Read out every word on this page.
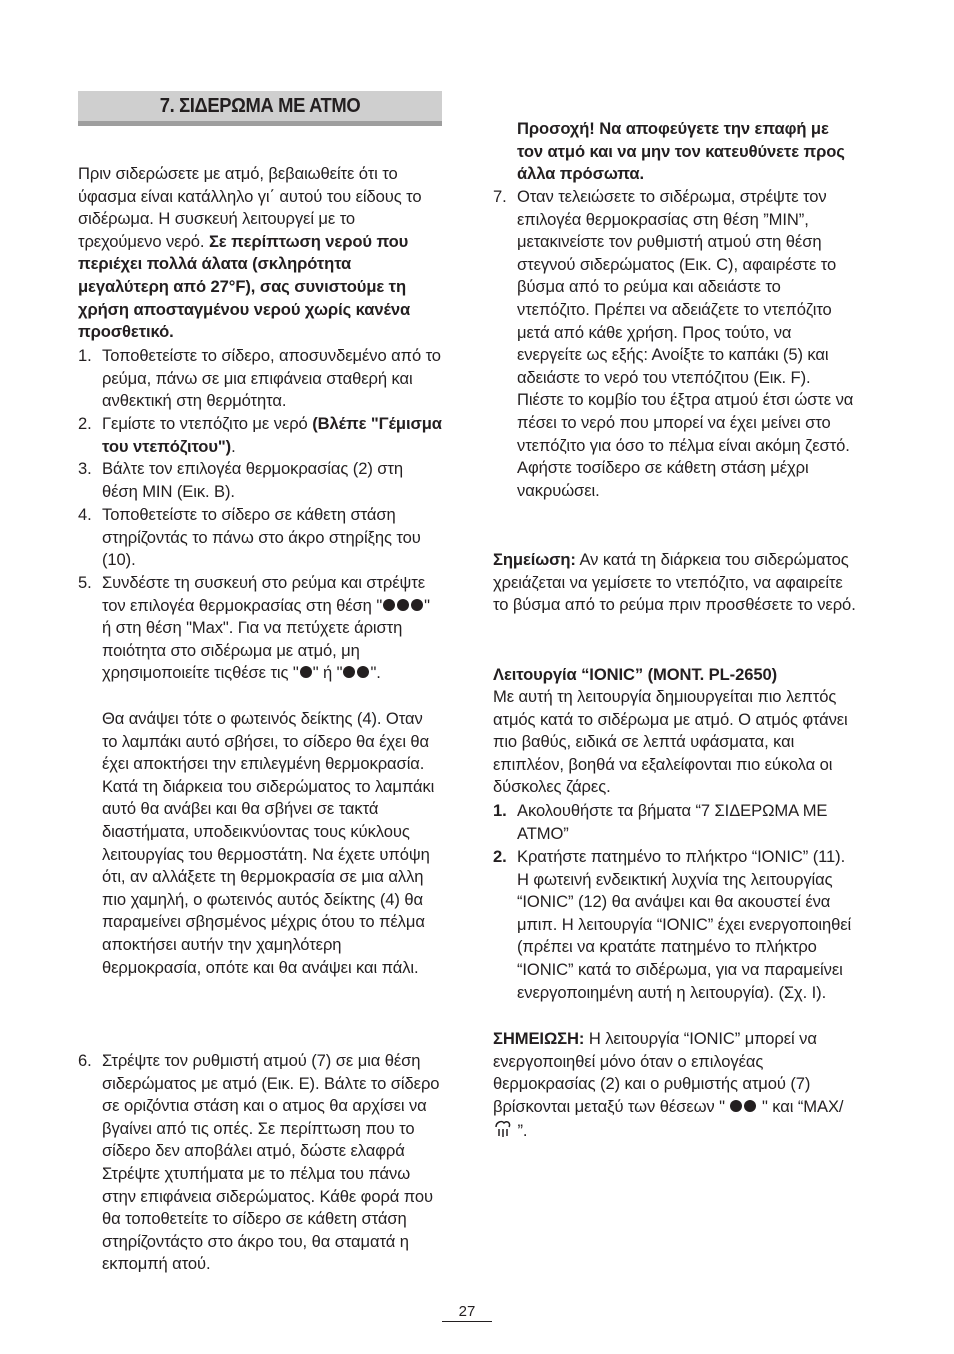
7. ΣΙΔΕΡΩΜΑ ΜΕ ΑΤΜΟ

Πριν σιδερώσετε με ατμό, βεβαιωθείτε ότι το ύφασμα είναι κατάλληλο γι΄ αυτού του είδους το σιδέρωμα. Η συσκευή λειτουργεί με το τρεχούμενο νερό. Σε περίπτωση νερού που περιέχει πολλά άλατα (σκληρότητα μεγαλύτερη από 27°F), σας συνιστούμε τη χρήση αποσταγμένου νερού χωρίς κανένα προσθετικό.

1. Τοποθετείστε το σίδερο, αποσυνδεμένο από το ρεύμα, πάνω σε μια επιφάνεια σταθερή και ανθεκτική στη θερμότητα.
2. Γεμίστε το ντεπόζιτο με νερό (Βλέπε "Γέμισμα του ντεπόζιτου").
3. Βάλτε τον επιλογέα θερμοκρασίας (2) στη θέση MIN (Εικ. B).
4. Τοποθετείστε το σίδερο σε κάθετη στάση στηρίζοντάς το πάνω στο άκρο στηρίξης του (10).
5. Συνδέστε τη συσκευή στο ρεύμα και στρέψτε τον επιλογέα θερμοκρασίας στη θέση "	" ή στη θέση "Max". Για να πετύχετε άριστη ποιότητα στο σιδέρωμα με ατμό, μη χρησιμοποιείτε τιςθέσε τις " " ή " ".
Θα ανάψει τότε ο φωτεινός δείκτης (4). Οταν το λαμπάκι αυτό σβήσει, το σίδερο θα έχει θα έχει αποκτήσει την επιλεγμένη θερμοκρασία. Κατά τη διάρκεια του σιδερώματος το λαμπάκι αυτό θα ανάβει και θα σβήνει σε τακτά διαστήματα, υποδεικνύοντας τους κύκλους λειτουργίας του θερμοστάτη. Να έχετε υπόψη ότι, αν αλλάξετε τη θερμοκρασία σε μια αλλη πιο χαμηλή, ο φωτεινός αυτός δείκτης (4) θα παραμείνει σβησμένος μέχρις ότου το πέλμα αποκτήσει αυτήν την χαμηλότερη θερμοκρασία, οπότε και θα ανάψει και πάλι.
6. Στρέψτε τον ρυθμιστή ατμού (7) σε μια θέση σιδερώματος με ατμό (Εικ. E). Βάλτε το σίδερο σε οριζόντια στάση και ο ατμος θα αρχίσει να βγαίνει από τις οπές. Σε περίπτωση που το σίδερο δεν αποβάλει ατμό, δώστε ελαφρά Στρέψτε χτυπήματα με το πέλμα του πάνω στην επιφάνεια σιδερώματος. Κάθε φορά που θα τοποθετείτε το σίδερο σε κάθετη στάση στηρίζοντάςτο στο άκρο του, θα σταματά η εκπομπή ατού.
Προσοχή! Να αποφεύγετε την επαφή με τον ατμό και να μην τον κατευθύνετε προς άλλα πρόσωπα.
7. Οταν τελειώσετε το σιδέρωμα, στρέψτε τον επιλογέα θερμοκρασίας στη θέση ”MIN”, μετακινείστε τον ρυθμιστή ατμού στη θέση στεγνού σιδερώματος (Εικ. C), αφαιρέστε το βύσμα από το ρεύμα και αδειάστε το ντεπόζιτο. Πρέπει να αδειάζετε το ντεπόζιτο μετά από κάθε χρήση. Προς τούτο, να ενεργείτε ως εξής: Ανοίξτε το καπάκι (5) και αδειάστε το νερό του ντεπόζιτου (Εικ. F). Πιέστε το κομβίο του έξτρα ατμού έτσι ώστε να πέσει το νερό που μπορεί να έχει μείνει στο ντεπόζιτο για όσο το πέλμα είναι ακόμη ζεστό. Αφήστε τοσίδερο σε κάθετη στάση μέχρι νακρυώσει.

Σημείωση: Αν κατά τη διάρκεια του σιδερώματος χρειάζεται να γεμίσετε το ντεπόζιτο, να αφαιρείτε το βύσμα από το ρεύμα πριν προσθέσετε το νερό.

Λειτουργία “IONIC” (MONT. PL-2650)

Με αυτή τη λειτουργία δημιουργείται πιο λεπτός ατμός κατά το σιδέρωμα με ατμό. Ο ατμός φτάνει πιο βαθύς, ειδικά σε λεπτά υφάσματα, και επιπλέον, βοηθά να εξαλείφονται πιο εύκολα οι δύσκολες ζάρες.

1. Ακολουθήστε τα βήματα “7 ΣΙΔΕΡΩΜΑ ΜΕ ΑΤΜΟ”
2. Κρατήστε πατημένο το πλήκτρο “IONIC” (11). Η φωτεινή ενδεικτική λυχνία της λειτουργίας “IONIC” (12) θα ανάψει και θα ακουστεί ένα μπιπ. Η λειτουργία “IONIC” έχει ενεργοποιηθεί (πρέπει να κρατάτε πατημένο το πλήκτρο “IONIC” κατά το σιδέρωμα, για να παραμείνει ενεργοποιημένη αυτή η λειτουργία). (Σχ. I).

ΣΗΜΕΙΩΣΗ: Η λειτουργία “IONIC” μπορεί να ενεργοποιηθεί μόνο όταν ο επιλογέας θερμοκρασίας (2) και ο ρυθμιστής ατμού (7) βρίσκονται μεταξύ των θέσεων "  " και “MAX/  ”.

27
